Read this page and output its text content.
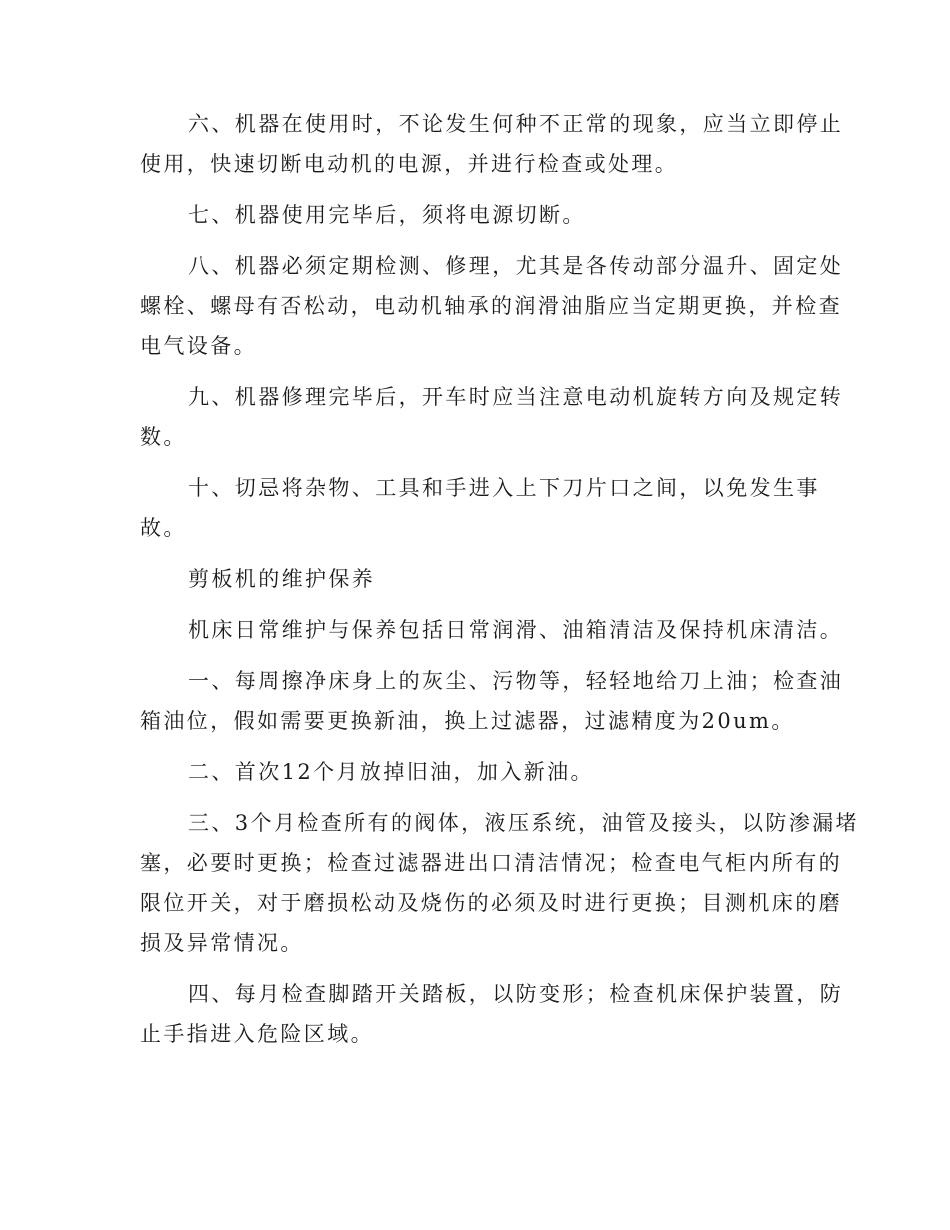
六、机器在使用时，不论发生何种不正常的现象，应当立即停止
使用，快速切断电动机的电源，并进行检查或处理。

七、机器使用完毕后，须将电源切断。

八、机器必须定期检测、修理，尤其是各传动部分温升、固定处
螺栓、螺母有否松动，电动机轴承的润滑油脂应当定期更换，并检查
电气设备。

九、机器修理完毕后，开车时应当注意电动机旋转方向及规定转
数。

十、切忌将杂物、工具和手进入上下刀片口之间，以免发生事
故。

剪板机的维护保养

机床日常维护与保养包括日常润滑、油箱清洁及保持机床清洁。

一、每周擦净床身上的灰尘、污物等，轻轻地给刀上油；检查油
箱油位，假如需要更换新油，换上过滤器，过滤精度为20um。

二、首次12个月放掉旧油，加入新油。

三、3个月检查所有的阀体，液压系统，油管及接头，以防渗漏堵
塞，必要时更换；检查过滤器进出口清洁情况；检查电气柜内所有的
限位开关，对于磨损松动及烧伤的必须及时进行更换；目测机床的磨
损及异常情况。

四、每月检查脚踏开关踏板，以防变形；检查机床保护装置，防
止手指进入危险区域。
